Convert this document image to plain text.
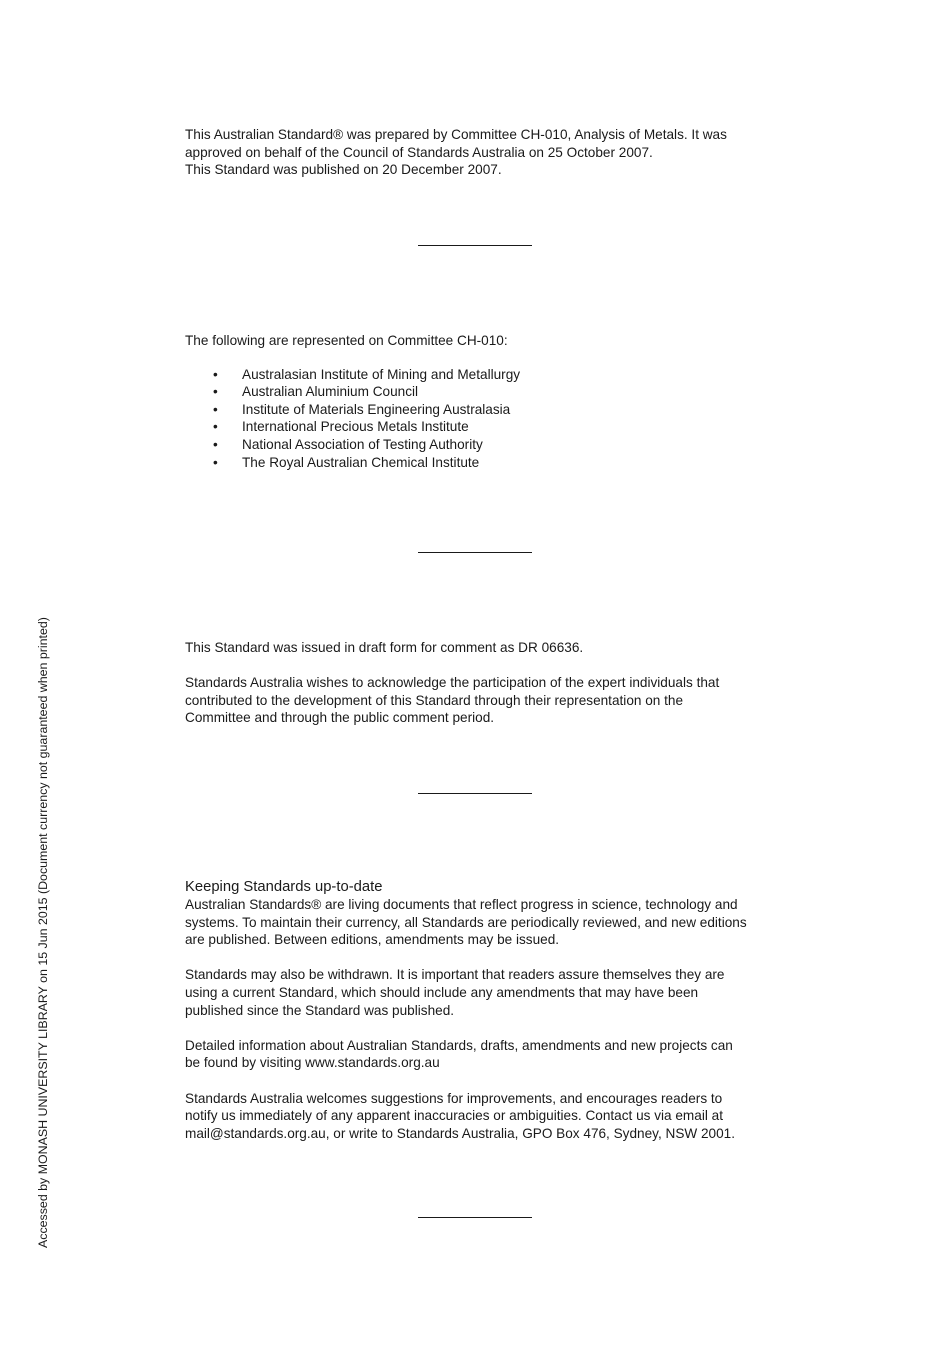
This Australian Standard® was prepared by Committee CH-010, Analysis of Metals. It was

approved on behalf of the Council of Standards Australia on 25 October 2007.

This Standard was published on 20 December 2007.

The following are represented on Committee CH-010:

• Australasian Institute of Mining and Metallurgy
• Australian Aluminium Council
• Institute of Materials Engineering Australasia
• International Precious Metals Institute
• National Association of Testing Authority
• The Royal Australian Chemical Institute

This Standard was issued in draft form for comment as DR 06636.

Standards Australia wishes to acknowledge the participation of the expert individuals that

contributed to the development of this Standard through their representation on the

Committee and through the public comment period.

Keeping Standards up-to-date

Australian Standards® are living documents that reflect progress in science, technology and

systems. To maintain their currency, all Standards are periodically reviewed, and new editions

are published. Between editions, amendments may be issued.

Standards may also be withdrawn. It is important that readers assure themselves they are

using a current Standard, which should include any amendments that may have been

published since the Standard was published.

Detailed information about Australian Standards, drafts, amendments and new projects can

be found by visiting www.standards.org.au

Standards Australia welcomes suggestions for improvements, and encourages readers to

notify us immediately of any apparent inaccuracies or ambiguities. Contact us via email at

mail@standards.org.au, or write to Standards Australia, GPO Box 476, Sydney, NSW 2001.

Accessed by MONASH UNIVERSITY LIBRARY on 15 Jun 2015 (Document currency not guaranteed when printed)
